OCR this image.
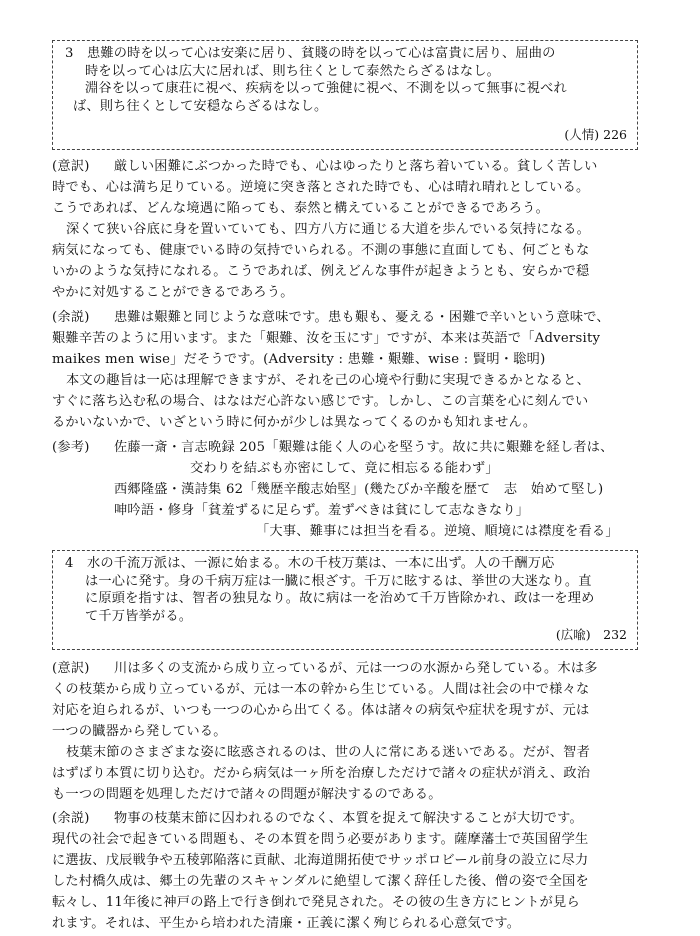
3　患難の時を以って心は安楽に居り、貧賤の時を以って心は富貴に居り、屈曲の
時を以って心は広大に居れば、則ち往くとして泰然たらざるはなし。
淵谷を以って康荘に視べ、疾病を以って強健に視べ、不測を以って無事に視べれ
ば、則ち往くとして安穏ならざるはなし。
(人情) 226
(意訳) 厳しい困難にぶつかった時でも、心はゆったりと落ち着いている。貧しく苦しい
時でも、心は満ち足りている。逆境に突き落とされた時でも、心は晴れ晴れとしている。
こうであれば、どんな境遇に陥っても、泰然と構えていることができるであろう。
深くて狭い谷底に身を置いていても、四方八方に通じる大道を歩んでいる気持になる。
病気になっても、健康でいる時の気持でいられる。不測の事態に直面しても、何ごともな
いかのような気持になれる。こうであれば、例えどんな事件が起きようとも、安らかで穏
やかに対処することができるであろう。
(余説) 患難は艱難と同じような意味です。患も艱も、憂える・困難で辛いという意味で、
艱難辛苦のように用います。また「艱難、汝を玉にす」ですが、本来は英語で「Adversity
maikes men wise」だそうです。(Adversity : 患難・艱難、wise : 賢明・聡明)
本文の趣旨は一応は理解できますが、それを己の心境や行動に実現できるかとなると、
すぐに落ち込む私の場合、はなはだ心許ない感じです。しかし、この言葉を心に刻んでい
るかいないかで、いざという時に何かが少しは異なってくるのかも知れません。
(参考) 佐藤一斎・言志晩録 205「艱難は能く人の心を堅うす。故に共に艱難を経し者は、
交わりを結ぶも亦密にして、竟に相忘るる能わず」
西郷隆盛・漢詩集 62「幾歴辛酸志始堅」(幾たびか辛酸を歴て　志　始めて堅し)
呻吟語・修身「貧羞ずるに足らず。羞ずべきは貧にして志なきなり」
「大事、難事には担当を看る。逆境、順境には襟度を看る」
4　水の千流万派は、一源に始まる。木の千枝万葉は、一本に出ず。人の千酬万応
は一心に発す。身の千病万症は一臓に根ざす。千万に眩するは、挙世の大迷なり。直
に原頭を指すは、智者の独見なり。故に病は一を治めて千万皆除かれ、政は一を理め
て千万皆挙がる。
(広喩)　232
(意訳) 川は多くの支流から成り立っているが、元は一つの水源から発している。木は多
くの枝葉から成り立っているが、元は一本の幹から生じている。人間は社会の中で様々な
対応を迫られるが、いつも一つの心から出てくる。体は諸々の病気や症状を現すが、元は
一つの臓器から発している。
枝葉末節のさまざまな姿に眩惑されるのは、世の人に常にある迷いである。だが、智者
はずばり本質に切り込む。だから病気は一ヶ所を治療しただけで諸々の症状が消え、政治
も一つの問題を処理しただけで諸々の問題が解決するのである。
(余説) 物事の枝葉末節に囚われるのでなく、本質を捉えて解決することが大切です。
現代の社会で起きている問題も、その本質を問う必要があります。薩摩藩士で英国留学生
に選抜、戊辰戦争や五稜郭陥落に貢献、北海道開拓使でサッポロビール前身の設立に尽力
した村橋久成は、郷土の先輩のスキャンダルに絶望して潔く辞任した後、僧の姿で全国を
転々し、11年後に神戸の路上で行き倒れで発見された。その彼の生き方にヒントが見ら
れます。それは、平生から培われた清廉・正義に潔く殉じられる心意気です。
